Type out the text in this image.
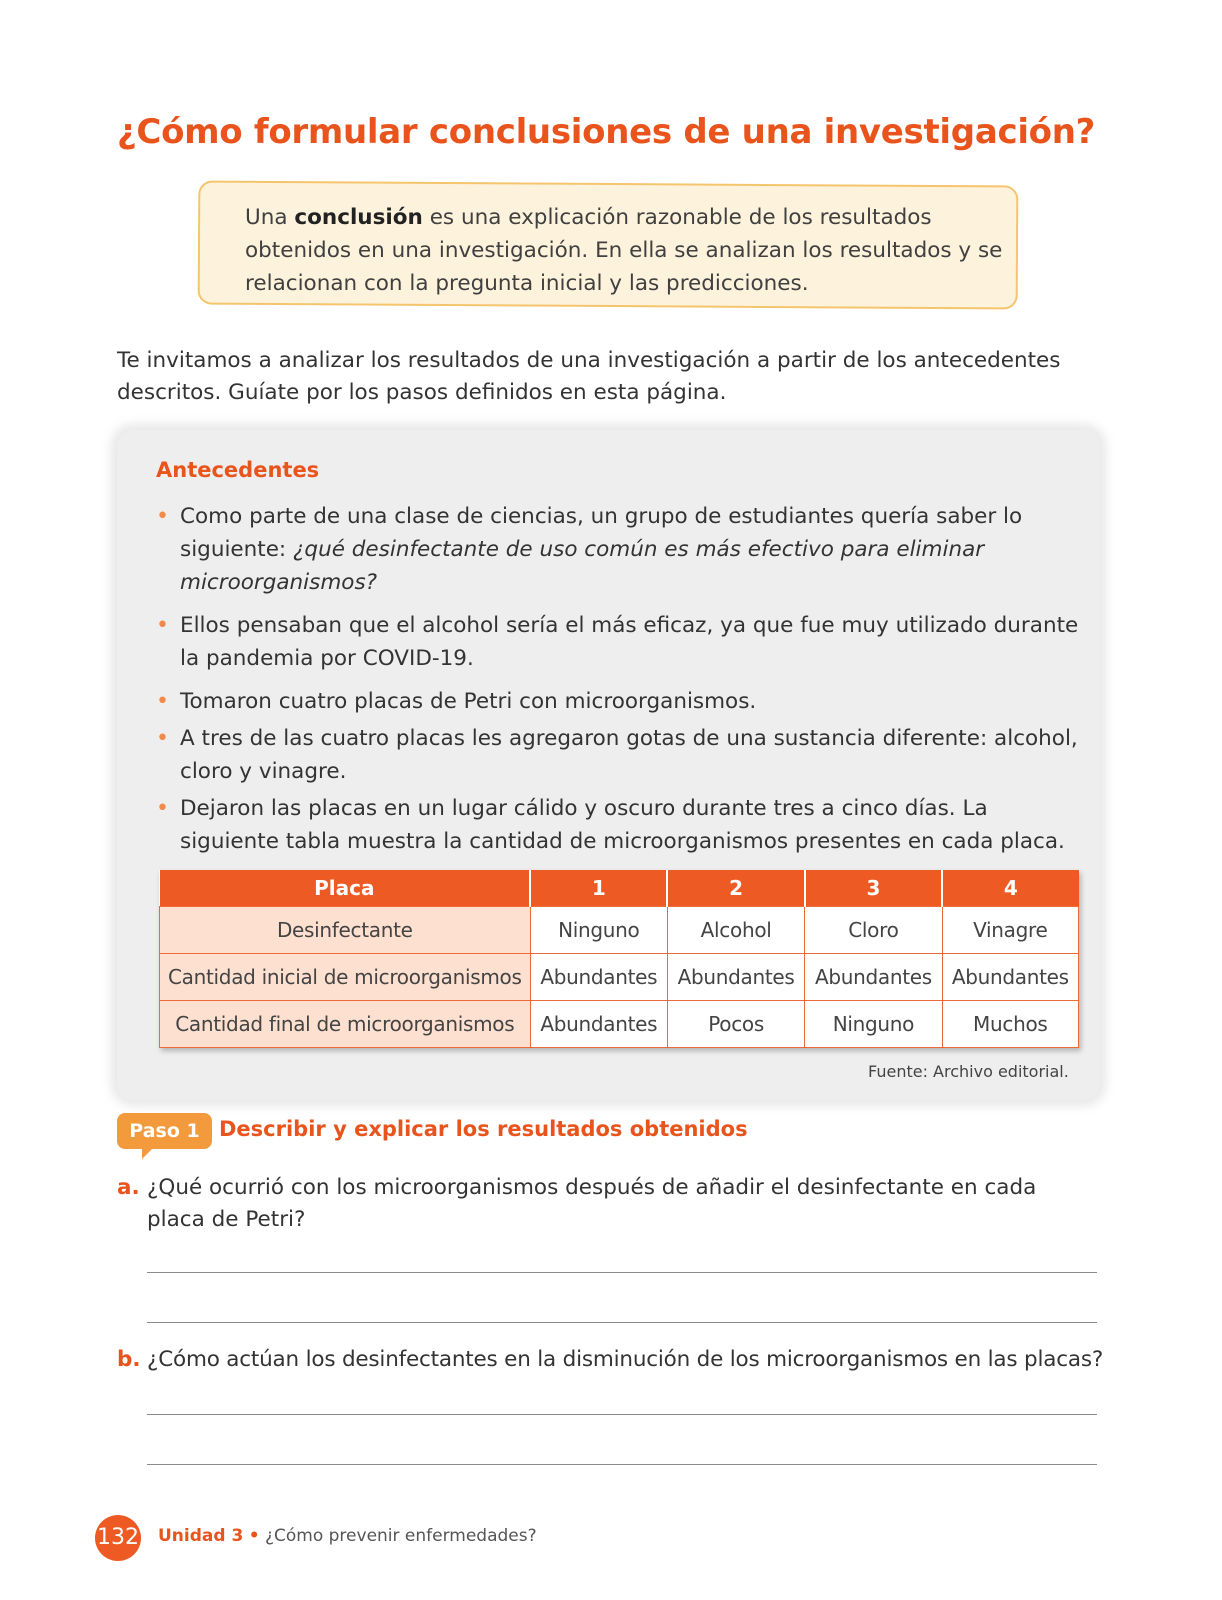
¿Cómo formular conclusiones de una investigación?
Una conclusión es una explicación razonable de los resultados obtenidos en una investigación. En ella se analizan los resultados y se relacionan con la pregunta inicial y las predicciones.
Te invitamos a analizar los resultados de una investigación a partir de los antecedentes descritos. Guíate por los pasos definidos en esta página.
Antecedentes
• Como parte de una clase de ciencias, un grupo de estudiantes quería saber lo siguiente: ¿qué desinfectante de uso común es más efectivo para eliminar microorganismos?
• Ellos pensaban que el alcohol sería el más eficaz, ya que fue muy utilizado durante la pandemia por COVID-19.
• Tomaron cuatro placas de Petri con microorganismos.
• A tres de las cuatro placas les agregaron gotas de una sustancia diferente: alcohol, cloro y vinagre.
• Dejaron las placas en un lugar cálido y oscuro durante tres a cinco días. La siguiente tabla muestra la cantidad de microorganismos presentes en cada placa.
Placa	1	2	3	4
Desinfectante	Ninguno	Alcohol	Cloro	Vinagre
Cantidad inicial de microorganismos	Abundantes	Abundantes	Abundantes	Abundantes
Cantidad final de microorganismos	Abundantes	Pocos	Ninguno	Muchos
Fuente: Archivo editorial.
Paso 1 Describir y explicar los resultados obtenidos
a. ¿Qué ocurrió con los microorganismos después de añadir el desinfectante en cada placa de Petri?
b. ¿Cómo actúan los desinfectantes en la disminución de los microorganismos en las placas?
132 Unidad 3 • ¿Cómo prevenir enfermedades?
